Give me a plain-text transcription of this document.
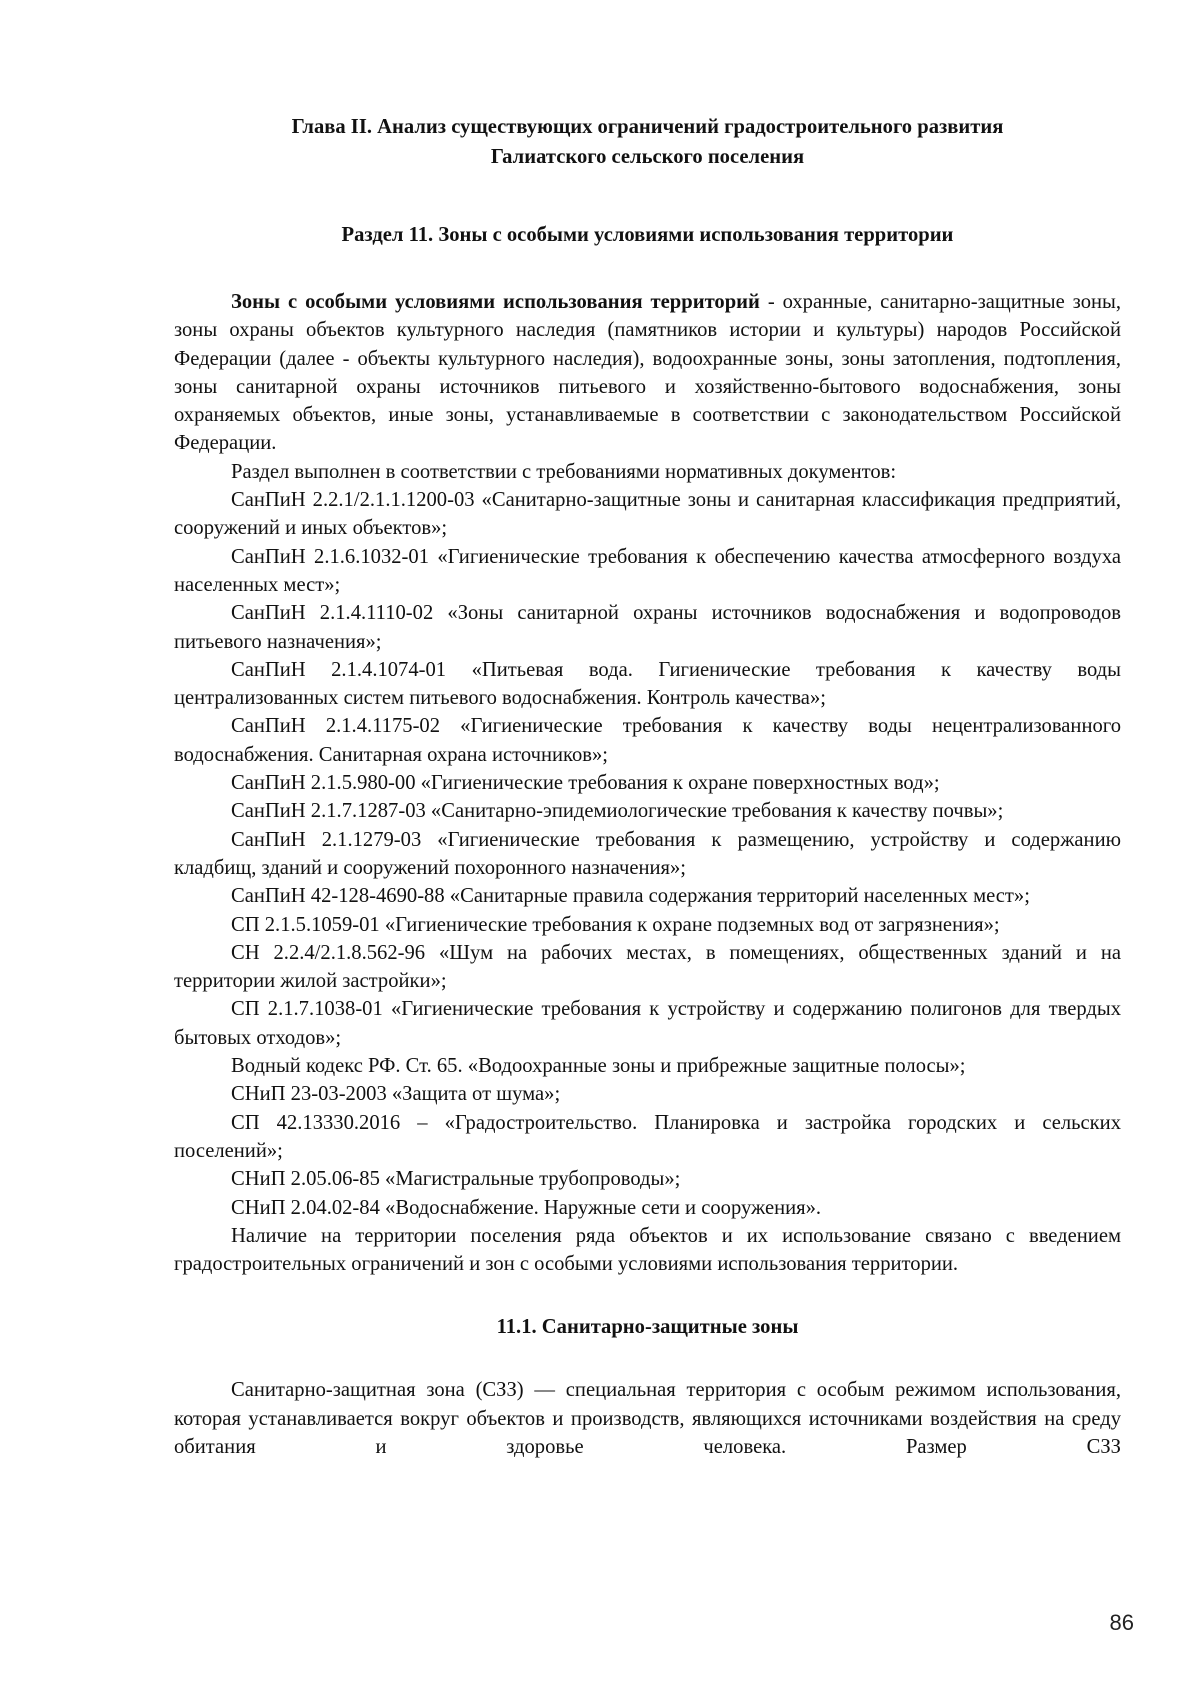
Глава II. Анализ существующих ограничений градостроительного развития
Галиатского сельского поселения
Раздел 11. Зоны с особыми условиями использования территории

Зоны с особыми условиями использования территорий - охранные, санитарно-защитные зоны, зоны охраны объектов культурного наследия (памятников истории и культуры) народов Российской Федерации (далее - объекты культурного наследия), водоохранные зоны, зоны затопления, подтопления, зоны санитарной охраны источников питьевого и хозяйственно-бытового водоснабжения, зоны охраняемых объектов, иные зоны, устанавливаемые в соответствии с законодательством Российской Федерации.

Раздел выполнен в соответствии с требованиями нормативных документов:

СанПиН 2.2.1/2.1.1.1200-03 «Санитарно-защитные зоны и санитарная классификация предприятий, сооружений и иных объектов»;

СанПиН 2.1.6.1032-01 «Гигиенические требования к обеспечению качества атмосферного воздуха населенных мест»;

СанПиН 2.1.4.1110-02 «Зоны санитарной охраны источников водоснабжения и водопроводов питьевого назначения»;

СанПиН 2.1.4.1074-01 «Питьевая вода. Гигиенические требования к качеству воды централизованных систем питьевого водоснабжения. Контроль качества»;

СанПиН 2.1.4.1175-02 «Гигиенические требования к качеству воды нецентрализованного водоснабжения. Санитарная охрана источников»;

СанПиН 2.1.5.980-00 «Гигиенические требования к охране поверхностных вод»;

СанПиН 2.1.7.1287-03 «Санитарно-эпидемиологические требования к качеству почвы»;

СанПиН 2.1.1279-03 «Гигиенические требования к размещению, устройству и содержанию кладбищ, зданий и сооружений похоронного назначения»;

СанПиН 42-128-4690-88 «Санитарные правила содержания территорий населенных мест»;

СП 2.1.5.1059-01 «Гигиенические требования к охране подземных вод от загрязнения»;

СН 2.2.4/2.1.8.562-96 «Шум на рабочих местах, в помещениях, общественных зданий и на территории жилой застройки»;

СП 2.1.7.1038-01 «Гигиенические требования к устройству и содержанию полигонов для твердых бытовых отходов»;

Водный кодекс РФ. Ст. 65. «Водоохранные зоны и прибрежные защитные полосы»;

СНиП 23-03-2003 «Защита от шума»;

СП 42.13330.2016 – «Градостроительство. Планировка и застройка городских и сельских поселений»;

СНиП 2.05.06-85 «Магистральные трубопроводы»;

СНиП 2.04.02-84 «Водоснабжение. Наружные сети и сооружения».

Наличие на территории поселения ряда объектов и их использование связано с введением градостроительных ограничений и зон с особыми условиями использования территории.

11.1. Санитарно-защитные зоны

Санитарно-защитная зона (СЗЗ) — специальная территория с особым режимом использования, которая устанавливается вокруг объектов и производств, являющихся источниками воздействия на среду обитания и здоровье человека. Размер СЗЗ

86
